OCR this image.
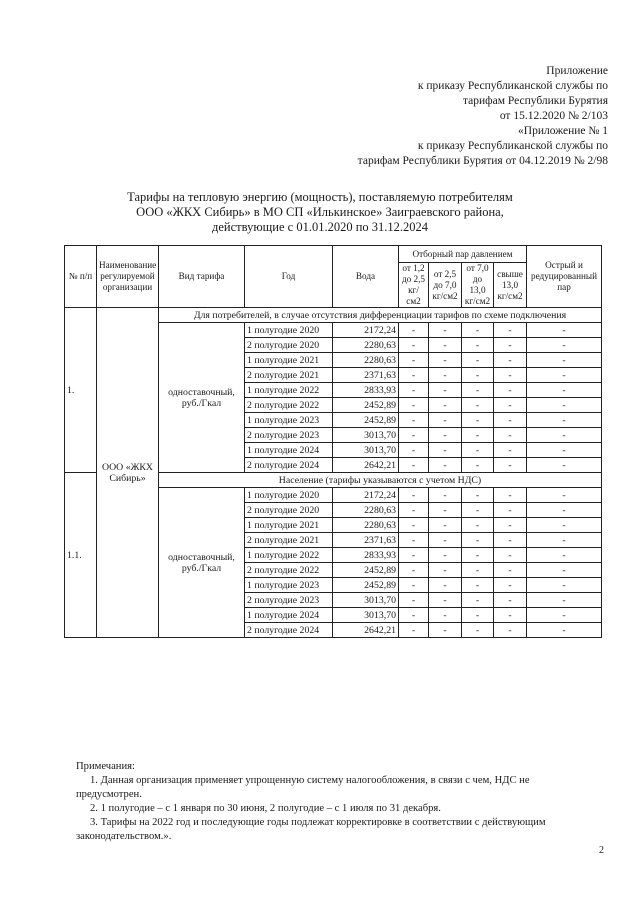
Приложение
к приказу Республиканской службы по
тарифам Республики Бурятия
от 15.12.2020 № 2/103
«Приложение № 1
к приказу Республиканской службы по
тарифам Республики Бурятия от 04.12.2019 № 2/98
Тарифы на тепловую энергию (мощность), поставляемую потребителям
ООО «ЖКХ Сибирь» в МО СП «Илькинское» Заиграевского района,
действующие с 01.01.2020 по 31.12.2024
№ п/п	Наименование регулируемой организации	Вид тарифа	Год	Вода	Отборный пар давлением				Острый и редуцированный пар
					от 1,2 до 2,5 кг/см2	от 2,5 до 7,0 кг/см2	от 7,0 до 13,0 кг/см2	свыше 13,0 кг/см2	
1.	ООО «ЖКХ Сибирь»	Для потребителей, в случае отсутствия дифференциации тарифов по схеме подключения							
		одноставочный, руб./Гкал	1 полугодие 2020	2172,24	-	-	-	-	-
			2 полугодие 2020	2280,63	-	-	-	-	-
			1 полугодие 2021	2280,63	-	-	-	-	-
			2 полугодие 2021	2371,63	-	-	-	-	-
			1 полугодие 2022	2833,93	-	-	-	-	-
			2 полугодие 2022	2452,89	-	-	-	-	-
			1 полугодие 2023	2452,89	-	-	-	-	-
			2 полугодие 2023	3013,70	-	-	-	-	-
			1 полугодие 2024	3013,70	-	-	-	-	-
			2 полугодие 2024	2642,21	-	-	-	-	-
1.1.		Население (тарифы указываются с учетом НДС)							
		одноставочный, руб./Гкал	1 полугодие 2020	2172,24	-	-	-	-	-
			2 полугодие 2020	2280,63	-	-	-	-	-
			1 полугодие 2021	2280,63	-	-	-	-	-
			2 полугодие 2021	2371,63	-	-	-	-	-
			1 полугодие 2022	2833,93	-	-	-	-	-
			2 полугодие 2022	2452,89	-	-	-	-	-
			1 полугодие 2023	2452,89	-	-	-	-	-
			2 полугодие 2023	3013,70	-	-	-	-	-
			1 полугодие 2024	3013,70	-	-	-	-	-
			2 полугодие 2024	2642,21	-	-	-	-	-
Примечания:
1. Данная организация применяет упрощенную систему налогообложения, в связи с чем, НДС не
предусмотрен.
2. 1 полугодие – с 1 января по 30 июня, 2 полугодие – с 1 июля по 31 декабря.
3. Тарифы на 2022 год и последующие годы подлежат корректировке в соответствии с действующим
законодательством.».
2
